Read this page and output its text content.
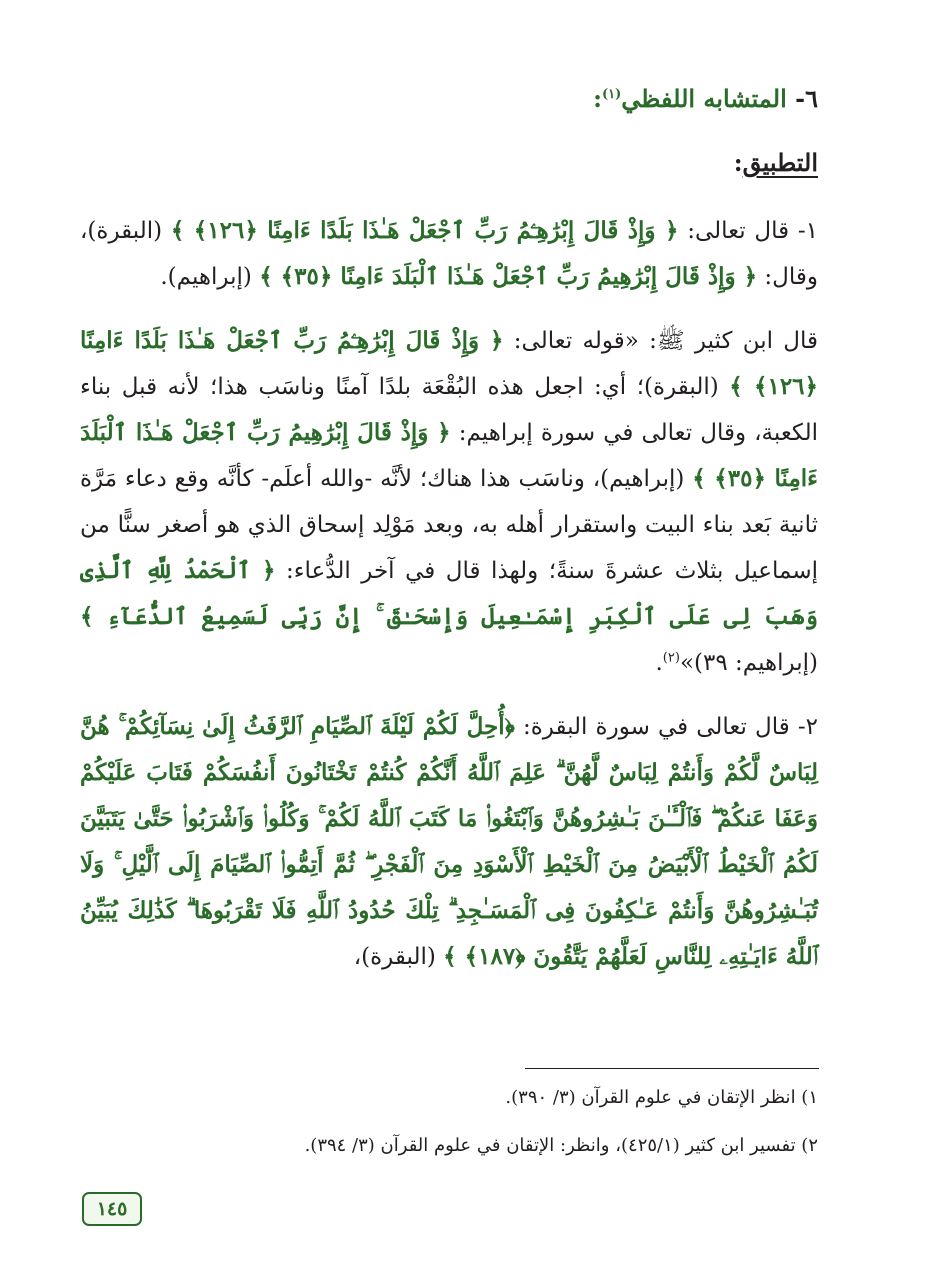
٦- المتشابه اللفظي$^{(١)}$:
التطبيق:

١- قال تعالى: ﴿ وَإِذْ قَالَ إِبْرَٰهِـۧمُ رَبِّ ٱجْعَلْ هَـٰذَا بَلَدًا ءَامِنًا ﴿١٢٦﴾ ﴾ (البقرة)، وقال: ﴿ وَإِذْ قَالَ إِبْرَٰهِيمُ رَبِّ ٱجْعَلْ هَـٰذَا ٱلْبَلَدَ ءَامِنًا ﴿٣٥﴾ ﴾ (إبراهيم).

قال ابن كثير ﷺ: «قوله تعالى: ﴿ وَإِذْ قَالَ إِبْرَٰهِـۧمُ رَبِّ ٱجْعَلْ هَـٰذَا بَلَدًا ءَامِنًا ﴿١٢٦﴾ ﴾ (البقرة)؛ أي: اجعل هذه البُقْعَة بلدًا آمنًا وناسَب هذا؛ لأنه قبل بناء الكعبة، وقال تعالى في سورة إبراهيم: ﴿ وَإِذْ قَالَ إِبْرَٰهِيمُ رَبِّ ٱجْعَلْ هَـٰذَا ٱلْبَلَدَ ءَامِنًا ﴿٣٥﴾ ﴾ (إبراهيم)، وناسَب هذا هناك؛ لأنَّه -والله أعلَم- كأنَّه وقع دعاء مَرَّة ثانية بَعد بناء البيت واستقرار أهله به، وبعد مَوْلِد إسحاق الذي هو أصغر سنًّا من إسماعيل بثلاث عشرةَ سنةً؛ ولهذا قال في آخر الدُّعاء: ﴿ ٱلْحَمْدُ لِلَّهِ ٱلَّذِى وَهَبَ لِى عَلَى ٱلْكِبَرِ إِسْمَـٰعِيلَ وَإِسْحَـٰقَ ۚ إِنَّ رَبِّى لَسَمِيعُ ٱلدُّعَآءِ ﴾ (إبراهيم: ٣٩)»$^{(٢)}$.

٢- قال تعالى في سورة البقرة: ﴿أُحِلَّ لَكُمْ لَيْلَةَ ٱلصِّيَامِ ٱلرَّفَثُ إِلَىٰ نِسَآئِكُمْ ۚ هُنَّ لِبَاسٌ لَّكُمْ وَأَنتُمْ لِبَاسٌ لَّهُنَّ ۗ عَلِمَ ٱللَّهُ أَنَّكُمْ كُنتُمْ تَخْتَانُونَ أَنفُسَكُمْ فَتَابَ عَلَيْكُمْ وَعَفَا عَنكُمْ ۖ فَٱلْـَٔـٰنَ بَـٰشِرُوهُنَّ وَٱبْتَغُوا۟ مَا كَتَبَ ٱللَّهُ لَكُمْ ۚ وَكُلُوا۟ وَٱشْرَبُوا۟ حَتَّىٰ يَتَبَيَّنَ لَكُمُ ٱلْخَيْطُ ٱلْأَبْيَضُ مِنَ ٱلْخَيْطِ ٱلْأَسْوَدِ مِنَ ٱلْفَجْرِ ۖ ثُمَّ أَتِمُّوا۟ ٱلصِّيَامَ إِلَى ٱلَّيْلِ ۚ وَلَا تُبَـٰشِرُوهُنَّ وَأَنتُمْ عَـٰكِفُونَ فِى ٱلْمَسَـٰجِدِ ۗ تِلْكَ حُدُودُ ٱللَّهِ فَلَا تَقْرَبُوهَا ۗ كَذَٰلِكَ يُبَيِّنُ ٱللَّهُ ءَايَـٰتِهِۦ لِلنَّاسِ لَعَلَّهُمْ يَتَّقُونَ ﴿١٨٧﴾ ﴾ (البقرة)،

١) انظر الإتقان في علوم القرآن (٣/ ٣٩٠).
٢) تفسير ابن كثير (٤٢٥/١)، وانظر: الإتقان في علوم القرآن (٣/ ٣٩٤).
١٤٥
